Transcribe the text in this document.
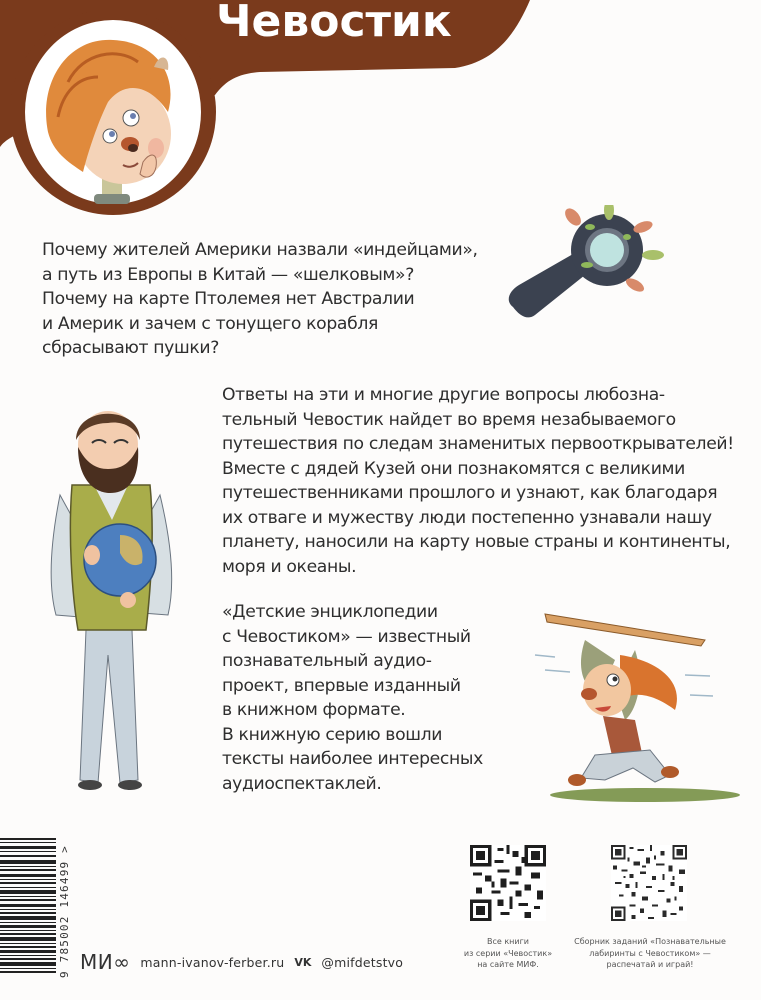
Чевостик
Почему жителей Америки назвали «индейцами»,
а путь из Европы в Китай — «шелковым»?
Почему на карте Птолемея нет Австралии
и Америк и зачем с тонущего корабля
сбрасывают пушки?
Ответы на эти и многие другие вопросы любозна-
тельный Чевостик найдет во время незабываемого
путешествия по следам знаменитых первооткрывателей!
Вместе с дядей Кузей они познакомятся с великими
путешественниками прошлого и узнают, как благодаря
их отваге и мужеству люди постепенно узнавали нашу
планету, наносили на карту новые страны и континенты,
моря и океаны.
«Детские энциклопедии
с Чевостиком» — известный
познавательный аудио-
проект, впервые изданный
в книжном формате.
В книжную серию вошли
тексты наиболее интересных
аудиоспектаклей.
9 785002 146499 > МИ∞ mann-ivanov-ferber.ru VK @mifdetstvo
Все книги
из серии «Чевостик»
на сайте МИФ.
Сборник заданий «Познавательные
лабиринты с Чевостиком» —
распечатай и играй!
